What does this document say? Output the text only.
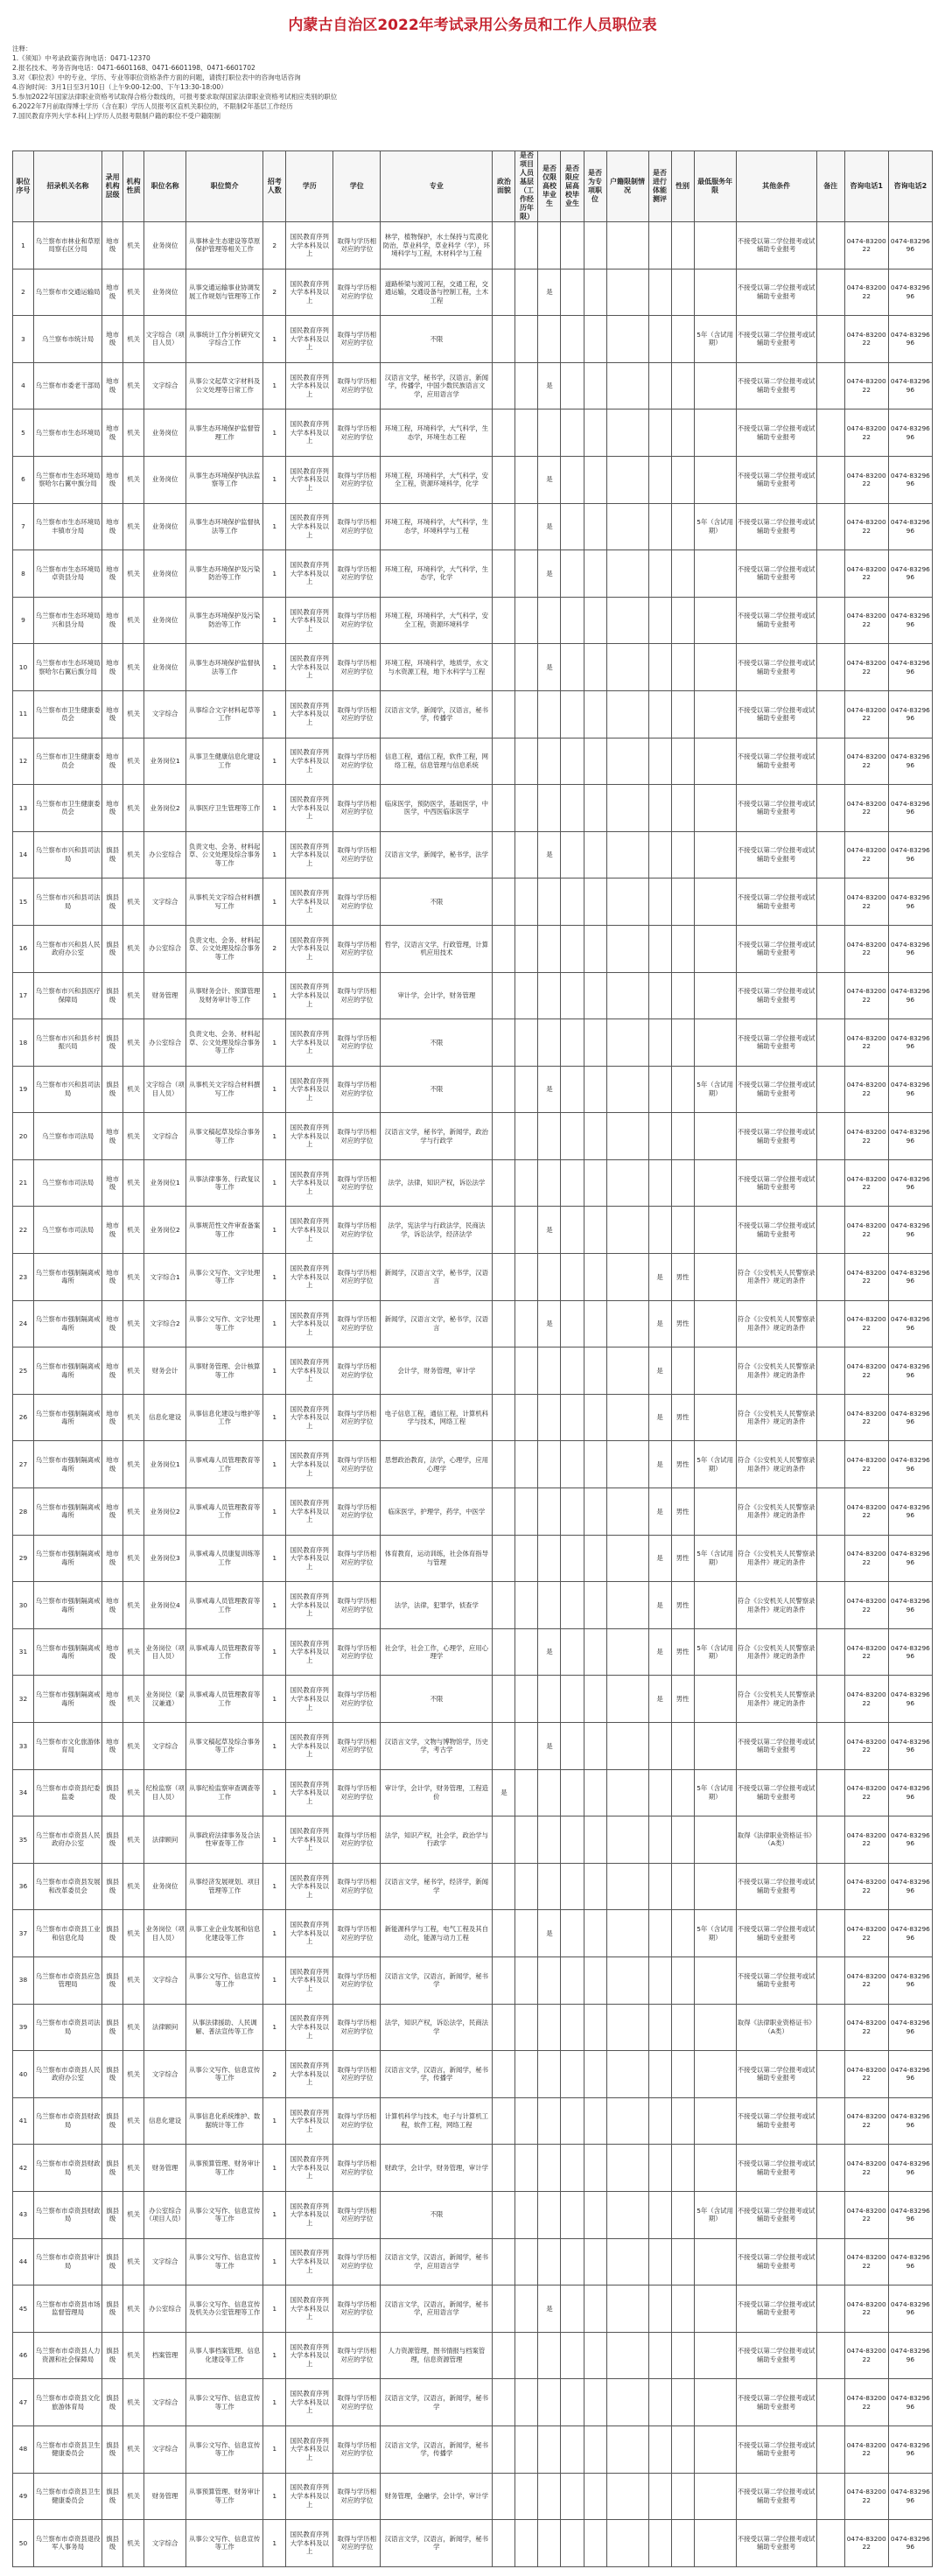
内蒙古自治区2022年考试录用公务员和工作人员职位表
注释：
1.《须知》中考录政策咨询电话：0471-12370
2.报名技术、考务咨询电话：0471-6601168、0471-6601198、0471-6601702
3.对《职位表》中的专业、学历、专业等职位资格条件方面的问题，请拨打职位表中的咨询电话咨询
4.咨询时间：3月1日至3月10日（上午9:00-12:00、下午13:30-18:00）
5.参加2022年国家法律职业资格考试取得合格分数线的，可报考要求取得国家法律职业资格考试相应类别的职位
6.2022年7月前取得博士学历（含在职）学历人员报考区直机关职位的，不限制2年基层工作经历
7.国民教育序列大学本科(上)学历人员报考限制户籍的职位不受户籍限制
职位序号	招录机关名称	录用机构层级	机构性质	职位名称	职位简介	招考人数	学历	学位	专业	政治面貌	是否项目人员基层（工作经历年限）	是否仅限高校毕业生	是否限应届高校毕业生	是否为专项职位	户籍限制情况	是否进行体能测评	性别	最低服务年限	其他条件	备注	咨询电话1	咨询电话2
1	乌兰察布市林业和草原局察右区分局	地市级	机关	业务岗位	从事林业生态建设等草原保护管理等相关工作	2	国民教育序列大学本科及以上	取得与学历相对应的学位	林学，植物保护，水土保持与荒漠化防治，草业科学，草业科学（学），环境科学与工程，木材科学与工程										不接受以第二学位报考或试辅助专业报考		0474-8320022	0474-8329696
2	乌兰察布市交通运输局	地市级	机关	业务岗位	从事交通运输事业协调发展工作规划与管理等工作	2	国民教育序列大学本科及以上	取得与学历相对应的学位	道路桥梁与渡河工程，交通工程，交通运输，交通设备与控制工程，土木工程			是							不接受以第二学位报考或试辅助专业报考		0474-8320022	0474-8329696
3	乌兰察布市统计局	地市级	机关	文字综合（项目人员）	从事统计工作分析研究文字综合工作	1	国民教育序列大学本科及以上	取得与学历相对应的学位	不限									5年（含试用期）	不接受以第二学位报考或试辅助专业报考		0474-8320022	0474-8329696
4	乌兰察布市委老干部局	地市级	机关	文字综合	从事公文起草文字材料及公文处理等日常工作	1	国民教育序列大学本科及以上	取得与学历相对应的学位	汉语言文学，秘书学，汉语言，新闻学，传播学，中国少数民族语言文学，应用语言学			是							不接受以第二学位报考或试辅助专业报考		0474-8320022	0474-8329696
5	乌兰察布市生态环境局	地市级	机关	业务岗位	从事生态环境保护监督管理工作	1	国民教育序列大学本科及以上	取得与学历相对应的学位	环境工程，环境科学，大气科学，生态学，环境生态工程										不接受以第二学位报考或试辅助专业报考		0474-8320022	0474-8329696
6	乌兰察布市生态环境局察哈尔右翼中旗分局	地市级	机关	业务岗位	从事生态环境保护执法监察等工作	1	国民教育序列大学本科及以上	取得与学历相对应的学位	环境工程，环境科学，大气科学，安全工程，资源环境科学，化学			是							不接受以第二学位报考或试辅助专业报考		0474-8320022	0474-8329696
7	乌兰察布市生态环境局丰镇市分局	地市级	机关	业务岗位	从事生态环境保护监督执法等工作	1	国民教育序列大学本科及以上	取得与学历相对应的学位	环境工程，环境科学，大气科学，生态学，环境科学与工程			是						5年（含试用期）	不接受以第二学位报考或试辅助专业报考		0474-8320022	0474-8329696
8	乌兰察布市生态环境局卓资县分局	地市级	机关	业务岗位	从事生态环境保护及污染防治等工作	1	国民教育序列大学本科及以上	取得与学历相对应的学位	环境工程，环境科学，大气科学，生态学，化学			是							不接受以第二学位报考或试辅助专业报考		0474-8320022	0474-8329696
9	乌兰察布市生态环境局兴和县分局	地市级	机关	业务岗位	从事生态环境保护及污染防治等工作	1	国民教育序列大学本科及以上	取得与学历相对应的学位	环境工程，环境科学，大气科学，安全工程，资源环境科学										不接受以第二学位报考或试辅助专业报考		0474-8320022	0474-8329696
10	乌兰察布市生态环境局察哈尔右翼后旗分局	地市级	机关	业务岗位	从事生态环境保护监督执法等工作	1	国民教育序列大学本科及以上	取得与学历相对应的学位	环境工程，环境科学，地质学，水文与水资源工程，地下水科学与工程			是							不接受以第二学位报考或试辅助专业报考		0474-8320022	0474-8329696
11	乌兰察布市卫生健康委员会	地市级	机关	文字综合	从事综合文字材料起草等工作	1	国民教育序列大学本科及以上	取得与学历相对应的学位	汉语言文学，新闻学，汉语言，秘书学，传播学										不接受以第二学位报考或试辅助专业报考		0474-8320022	0474-8329696
12	乌兰察布市卫生健康委员会	地市级	机关	业务岗位1	从事卫生健康信息化建设工作	1	国民教育序列大学本科及以上	取得与学历相对应的学位	信息工程，通信工程，软件工程，网络工程，信息管理与信息系统										不接受以第二学位报考或试辅助专业报考		0474-8320022	0474-8329696
13	乌兰察布市卫生健康委员会	地市级	机关	业务岗位2	从事医疗卫生管理等工作	1	国民教育序列大学本科及以上	取得与学历相对应的学位	临床医学，预防医学，基础医学，中医学，中西医临床医学										不接受以第二学位报考或试辅助专业报考		0474-8320022	0474-8329696
14	乌兰察布市兴和县司法局	旗县级	机关	办公室综合	负责文电、会务、材料起草、公文处理及综合事务等工作	1	国民教育序列大学本科及以上	取得与学历相对应的学位	汉语言文学，新闻学，秘书学，法学			是							不接受以第二学位报考或试辅助专业报考		0474-8320022	0474-8329696
15	乌兰察布市兴和县司法局	旗县级	机关	文字综合	从事机关文字综合材料撰写工作	1	国民教育序列大学本科及以上	取得与学历相对应的学位	不限										不接受以第二学位报考或试辅助专业报考		0474-8320022	0474-8329696
16	乌兰察布市兴和县人民政府办公室	旗县级	机关	办公室综合	负责文电、会务、材料起草、公文处理及综合事务等工作	2	国民教育序列大学本科及以上	取得与学历相对应的学位	哲学，汉语言文学，行政管理，计算机应用技术										不接受以第二学位报考或试辅助专业报考		0474-8320022	0474-8329696
17	乌兰察布市兴和县医疗保障局	旗县级	机关	财务管理	从事财务会计、预算管理及财务审计等工作	1	国民教育序列大学本科及以上	取得与学历相对应的学位	审计学，会计学，财务管理										不接受以第二学位报考或试辅助专业报考		0474-8320022	0474-8329696
18	乌兰察布市兴和县乡村振兴局	旗县级	机关	办公室综合	负责文电、会务、材料起草、公文处理及综合事务等工作	1	国民教育序列大学本科及以上	取得与学历相对应的学位	不限										不接受以第二学位报考或试辅助专业报考		0474-8320022	0474-8329696
19	乌兰察布市兴和县司法局	旗县级	机关	文字综合（项目人员）	从事机关文字综合材料撰写工作	1	国民教育序列大学本科及以上	取得与学历相对应的学位	不限			是						5年（含试用期）	不接受以第二学位报考或试辅助专业报考		0474-8320022	0474-8329696
20	乌兰察布市司法局	地市级	机关	文字综合	从事文稿起草及综合事务等工作	1	国民教育序列大学本科及以上	取得与学历相对应的学位	汉语言文学，秘书学，新闻学，政治学与行政学										不接受以第二学位报考或试辅助专业报考		0474-8320022	0474-8329696
21	乌兰察布市司法局	地市级	机关	业务岗位1	从事法律事务、行政复议等工作	1	国民教育序列大学本科及以上	取得与学历相对应的学位	法学，法律，知识产权，诉讼法学										不接受以第二学位报考或试辅助专业报考		0474-8320022	0474-8329696
22	乌兰察布市司法局	地市级	机关	业务岗位2	从事规范性文件审查备案等工作	1	国民教育序列大学本科及以上	取得与学历相对应的学位	法学，宪法学与行政法学，民商法学，诉讼法学，经济法学			是							不接受以第二学位报考或试辅助专业报考		0474-8320022	0474-8329696
23	乌兰察布市强制隔离戒毒所	地市级	机关	文字综合1	从事公文写作、文字处理等工作	1	国民教育序列大学本科及以上	取得与学历相对应的学位	新闻学，汉语言文学，秘书学，汉语言							是	男性		符合《公安机关人民警察录用条件》规定的条件		0474-8320022	0474-8329696
24	乌兰察布市强制隔离戒毒所	地市级	机关	文字综合2	从事公文写作、文字处理等工作	1	国民教育序列大学本科及以上	取得与学历相对应的学位	新闻学，汉语言文学，秘书学，汉语言			是				是	男性		符合《公安机关人民警察录用条件》规定的条件		0474-8320022	0474-8329696
25	乌兰察布市强制隔离戒毒所	地市级	机关	财务会计	从事财务管理、会计核算等工作	1	国民教育序列大学本科及以上	取得与学历相对应的学位	会计学，财务管理，审计学							是			符合《公安机关人民警察录用条件》规定的条件		0474-8320022	0474-8329696
26	乌兰察布市强制隔离戒毒所	地市级	机关	信息化建设	从事信息化建设与维护等工作	1	国民教育序列大学本科及以上	取得与学历相对应的学位	电子信息工程，通信工程，计算机科学与技术，网络工程							是	男性		符合《公安机关人民警察录用条件》规定的条件		0474-8320022	0474-8329696
27	乌兰察布市强制隔离戒毒所	地市级	机关	业务岗位1	从事戒毒人员管理教育等工作	1	国民教育序列大学本科及以上	取得与学历相对应的学位	思想政治教育，法学，心理学，应用心理学							是	男性	5年（含试用期）	符合《公安机关人民警察录用条件》规定的条件		0474-8320022	0474-8329696
28	乌兰察布市强制隔离戒毒所	地市级	机关	业务岗位2	从事戒毒人员管理教育等工作	1	国民教育序列大学本科及以上	取得与学历相对应的学位	临床医学，护理学，药学，中医学							是	男性		符合《公安机关人民警察录用条件》规定的条件		0474-8320022	0474-8329696
29	乌兰察布市强制隔离戒毒所	地市级	机关	业务岗位3	从事戒毒人员康复训练等工作	1	国民教育序列大学本科及以上	取得与学历相对应的学位	体育教育，运动训练，社会体育指导与管理							是	男性	5年（含试用期）	符合《公安机关人民警察录用条件》规定的条件		0474-8320022	0474-8329696
30	乌兰察布市强制隔离戒毒所	地市级	机关	业务岗位4	从事戒毒人员管理教育等工作	1	国民教育序列大学本科及以上	取得与学历相对应的学位	法学，法律，犯罪学，侦查学							是	男性		符合《公安机关人民警察录用条件》规定的条件		0474-8320022	0474-8329696
31	乌兰察布市强制隔离戒毒所	地市级	机关	业务岗位（项目人员）	从事戒毒人员管理教育等工作	1	国民教育序列大学本科及以上	取得与学历相对应的学位	社会学，社会工作，心理学，应用心理学			是				是	男性	5年（含试用期）	符合《公安机关人民警察录用条件》规定的条件		0474-8320022	0474-8329696
32	乌兰察布市强制隔离戒毒所	地市级	机关	业务岗位（蒙汉兼通）	从事戒毒人员管理教育等工作	1	国民教育序列大学本科及以上	取得与学历相对应的学位	不限							是	男性		符合《公安机关人民警察录用条件》规定的条件		0474-8320022	0474-8329696
33	乌兰察布市文化旅游体育局	地市级	机关	文字综合	从事文稿起草及综合事务等工作	1	国民教育序列大学本科及以上	取得与学历相对应的学位	汉语言文学，文物与博物馆学，历史学，考古学			是							不接受以第二学位报考或试辅助专业报考		0474-8320022	0474-8329696
34	乌兰察布市卓资县纪委监委	旗县级	机关	纪检监察（项目人员）	从事纪检监察审查调查等工作	1	国民教育序列大学本科及以上	取得与学历相对应的学位	审计学，会计学，财务管理，工程造价	是								5年（含试用期）	不接受以第二学位报考或试辅助专业报考		0474-8320022	0474-8329696
35	乌兰察布市卓资县人民政府办公室	旗县级	机关	法律顾问	从事政府法律事务及合法性审查等工作	1	国民教育序列大学本科及以上	取得与学历相对应的学位	法学，知识产权，社会学，政治学与行政学										取得《法律职业资格证书》（A类）		0474-8320022	0474-8329696
36	乌兰察布市卓资县发展和改革委员会	旗县级	机关	业务岗位	从事经济发展规划、项目管理等工作	1	国民教育序列大学本科及以上	取得与学历相对应的学位	汉语言文学，秘书学，经济学，新闻学										不接受以第二学位报考或试辅助专业报考		0474-8320022	0474-8329696
37	乌兰察布市卓资县工业和信息化局	旗县级	机关	业务岗位（项目人员）	从事工业企业发展和信息化建设等工作	1	国民教育序列大学本科及以上	取得与学历相对应的学位	新能源科学与工程，电气工程及其自动化，能源与动力工程			是						5年（含试用期）	不接受以第二学位报考或试辅助专业报考		0474-8320022	0474-8329696
38	乌兰察布市卓资县应急管理局	旗县级	机关	文字综合	从事公文写作、信息宣传等工作	1	国民教育序列大学本科及以上	取得与学历相对应的学位	汉语言文学，汉语言，新闻学，秘书学										不接受以第二学位报考或试辅助专业报考		0474-8320022	0474-8329696
39	乌兰察布市卓资县司法局	旗县级	机关	法律顾问	从事法律援助、人民调解、普法宣传等工作	1	国民教育序列大学本科及以上	取得与学历相对应的学位	法学，知识产权，诉讼法学，民商法学										取得《法律职业资格证书》（A类）		0474-8320022	0474-8329696
40	乌兰察布市卓资县人民政府办公室	旗县级	机关	文字综合	从事公文写作、信息宣传等工作	2	国民教育序列大学本科及以上	取得与学历相对应的学位	汉语言文学，汉语言，新闻学，秘书学，传播学										不接受以第二学位报考或试辅助专业报考		0474-8320022	0474-8329696
41	乌兰察布市卓资县财政局	旗县级	机关	信息化建设	从事信息化系统维护、数据统计等工作	1	国民教育序列大学本科及以上	取得与学历相对应的学位	计算机科学与技术，电子与计算机工程，软件工程，网络工程										不接受以第二学位报考或试辅助专业报考		0474-8320022	0474-8329696
42	乌兰察布市卓资县财政局	旗县级	机关	财务管理	从事预算管理、财务审计等工作	1	国民教育序列大学本科及以上	取得与学历相对应的学位	财政学，会计学，财务管理，审计学										不接受以第二学位报考或试辅助专业报考		0474-8320022	0474-8329696
43	乌兰察布市卓资县财政局	旗县级	机关	办公室综合（项目人员）	从事公文写作、信息宣传等工作	1	国民教育序列大学本科及以上	取得与学历相对应的学位	不限									5年（含试用期）	不接受以第二学位报考或试辅助专业报考		0474-8320022	0474-8329696
44	乌兰察布市卓资县审计局	旗县级	机关	文字综合	从事公文写作、信息宣传等工作	1	国民教育序列大学本科及以上	取得与学历相对应的学位	汉语言文学，汉语言，新闻学，秘书学，应用语言学										不接受以第二学位报考或试辅助专业报考		0474-8320022	0474-8329696
45	乌兰察布市卓资县市场监督管理局	旗县级	机关	办公室综合	从事公文写作、信息宣传及机关办公室管理等工作	1	国民教育序列大学本科及以上	取得与学历相对应的学位	汉语言文学，汉语言，新闻学，秘书学，应用语言学			是							不接受以第二学位报考或试辅助专业报考		0474-8320022	0474-8329696
46	乌兰察布市卓资县人力资源和社会保障局	旗县级	机关	档案管理	从事人事档案管理、信息化建设等工作	1	国民教育序列大学本科及以上	取得与学历相对应的学位	人力资源管理，图书情报与档案管理，信息资源管理										不接受以第二学位报考或试辅助专业报考		0474-8320022	0474-8329696
47	乌兰察布市卓资县文化旅游体育局	旗县级	机关	文字综合	从事公文写作、信息宣传等工作	1	国民教育序列大学本科及以上	取得与学历相对应的学位	汉语言文学，汉语言，新闻学，秘书学										不接受以第二学位报考或试辅助专业报考		0474-8320022	0474-8329696
48	乌兰察布市卓资县卫生健康委员会	旗县级	机关	文字综合	从事公文写作、信息宣传等工作	1	国民教育序列大学本科及以上	取得与学历相对应的学位	汉语言文学，汉语言，新闻学，秘书学，传播学										不接受以第二学位报考或试辅助专业报考		0474-8320022	0474-8329696
49	乌兰察布市卓资县卫生健康委员会	旗县级	机关	财务管理	从事预算管理、财务审计等工作	1	国民教育序列大学本科及以上	取得与学历相对应的学位	财务管理，金融学，会计学，审计学										不接受以第二学位报考或试辅助专业报考		0474-8320022	0474-8329696
50	乌兰察布市卓资县退役军人事务局	旗县级	机关	文字综合	从事公文写作、信息宣传等工作	1	国民教育序列大学本科及以上	取得与学历相对应的学位	汉语言文学，汉语言，新闻学，秘书学										不接受以第二学位报考或试辅助专业报考		0474-8320022	0474-8329696
